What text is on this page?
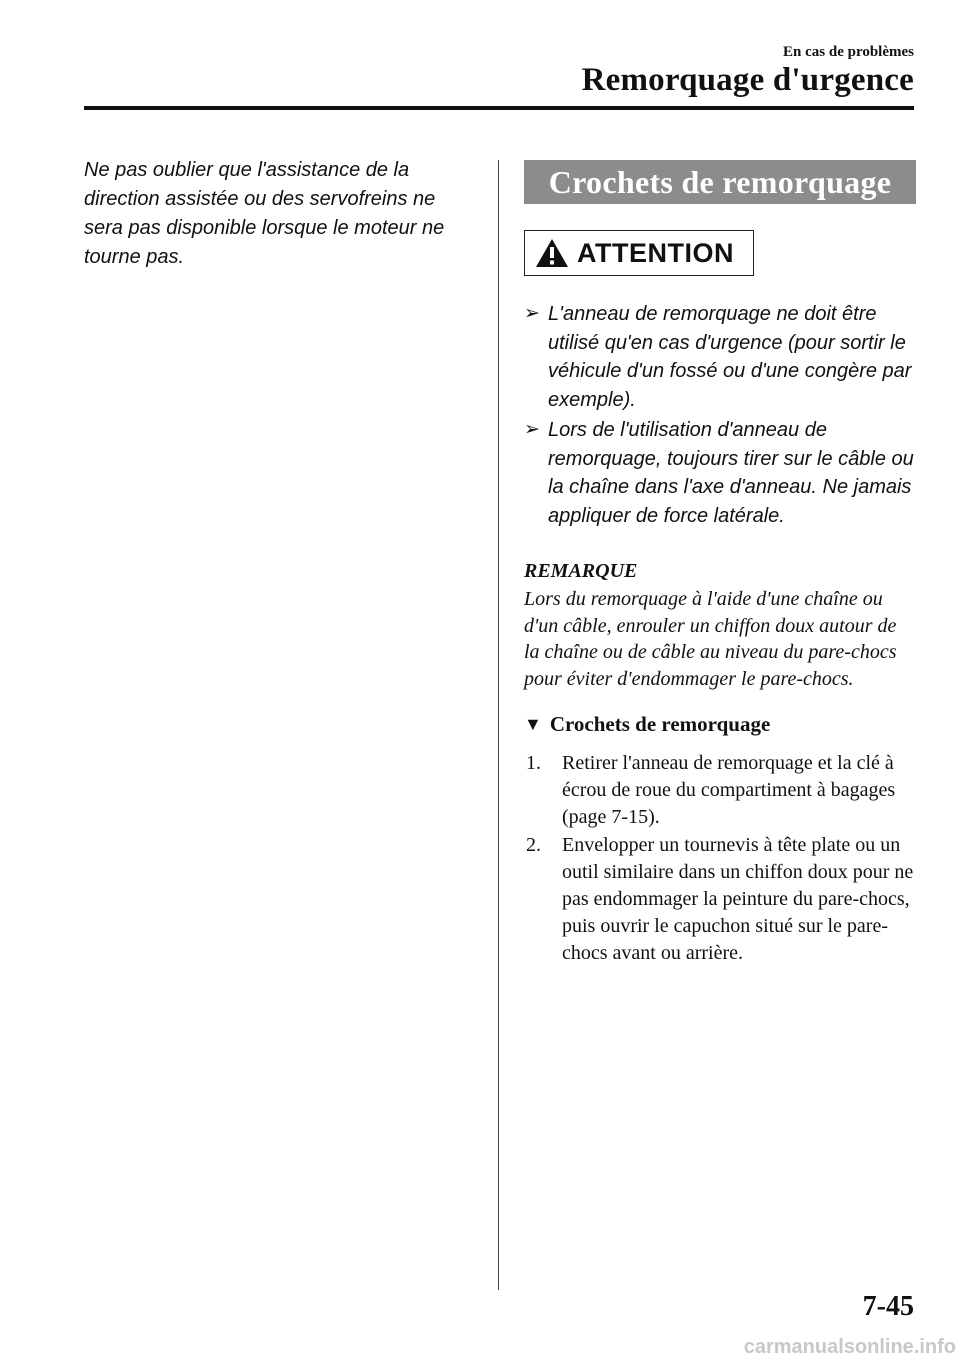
En cas de problèmes
Remorquage d'urgence

Ne pas oublier que l'assistance de la direction assistée ou des servofreins ne sera pas disponible lorsque le moteur ne tourne pas.

Crochets de remorquage
ATTENTION
➢ L'anneau de remorquage ne doit être utilisé qu'en cas d'urgence (pour sortir le véhicule d'un fossé ou d'une congère par exemple).
➢ Lors de l'utilisation d'anneau de remorquage, toujours tirer sur le câble ou la chaîne dans l'axe d'anneau. Ne jamais appliquer de force latérale.
REMARQUE
Lors du remorquage à l'aide d'une chaîne ou d'un câble, enrouler un chiffon doux autour de la chaîne ou de câble au niveau du pare-chocs pour éviter d'endommager le pare-chocs.
▼ Crochets de remorquage
1. Retirer l'anneau de remorquage et la clé à écrou de roue du compartiment à bagages (page 7-15).
2. Envelopper un tournevis à tête plate ou un outil similaire dans un chiffon doux pour ne pas endommager la peinture du pare-chocs, puis ouvrir le capuchon situé sur le pare-chocs avant ou arrière.
7-45
carmanualsonline.info
